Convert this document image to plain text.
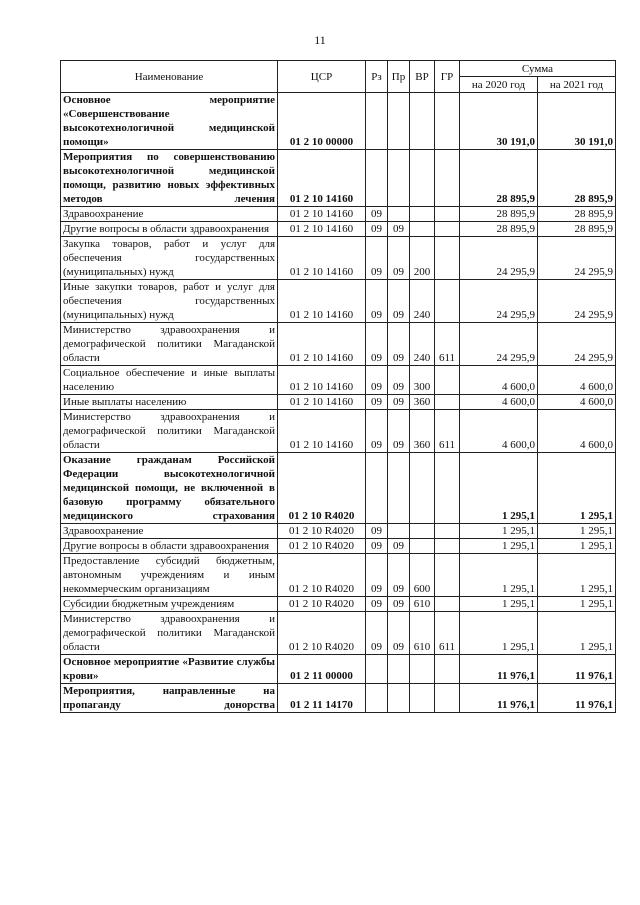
11
Наименование	ЦСР	Рз	Пр	ВР	ГР	Сумма	
						на 2020 год	на 2021 год
Основное мероприятие «Совершенствование высокотехнологичной медицинской помощи»	01 2 10 00000					30 191,0	30 191,0
Мероприятия по совершенствованию высокотехнологичной медицинской помощи, развитию новых эффективных методов лечения	01 2 10 14160					28 895,9	28 895,9
Здравоохранение	01 2 10 14160	09				28 895,9	28 895,9
Другие вопросы в области здравоохранения	01 2 10 14160	09	09			28 895,9	28 895,9
Закупка товаров, работ и услуг для обеспечения государственных (муниципальных) нужд	01 2 10 14160	09	09	200		24 295,9	24 295,9
Иные закупки товаров, работ и услуг для обеспечения государственных (муниципальных) нужд	01 2 10 14160	09	09	240		24 295,9	24 295,9
Министерство здравоохранения и демографической политики Магаданской области	01 2 10 14160	09	09	240	611	24 295,9	24 295,9
Социальное обеспечение и иные выплаты населению	01 2 10 14160	09	09	300		4 600,0	4 600,0
Иные выплаты населению	01 2 10 14160	09	09	360		4 600,0	4 600,0
Министерство здравоохранения и демографической политики Магаданской области	01 2 10 14160	09	09	360	611	4 600,0	4 600,0
Оказание гражданам Российской Федерации высокотехнологичной медицинской помощи, не включенной в базовую программу обязательного медицинского страхования	01 2 10 R4020					1 295,1	1 295,1
Здравоохранение	01 2 10 R4020	09				1 295,1	1 295,1
Другие вопросы в области здравоохранения	01 2 10 R4020	09	09			1 295,1	1 295,1
Предоставление субсидий бюджетным, автономным учреждениям и иным некоммерческим организациям	01 2 10 R4020	09	09	600		1 295,1	1 295,1
Субсидии бюджетным учреждениям	01 2 10 R4020	09	09	610		1 295,1	1 295,1
Министерство здравоохранения и демографической политики Магаданской области	01 2 10 R4020	09	09	610	611	1 295,1	1 295,1
Основное мероприятие «Развитие службы крови»	01 2 11 00000					11 976,1	11 976,1
Мероприятия, направленные на пропаганду донорства	01 2 11 14170					11 976,1	11 976,1
